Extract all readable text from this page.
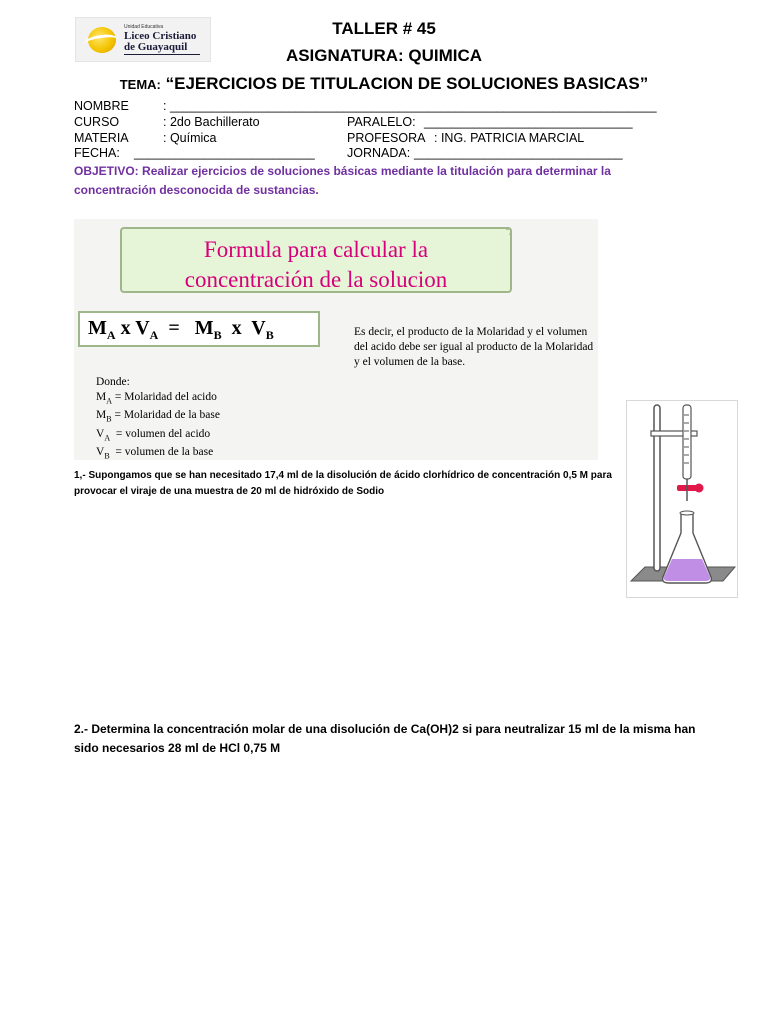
Unidad Educativa
Liceo Cristiano
de Guayaquil
TALLER # 45
ASIGNATURA: QUIMICA
TEMA: “EJERCICIOS DE TITULACION DE SOLUCIONES BASICAS”
NOMBRE	: ______________________________________________________________________
CURSO	: 2do Bachillerato	PARALELO: ______________________________
MATERIA	: Química	PROFESORA : ING. PATRICIA MARCIAL
FECHA: __________________________	JORNADA: ______________________________
OBJETIVO: Realizar ejercicios de soluciones básicas mediante la titulación para determinar la concentración desconocida de sustancias.
Formula para calcular la
concentración de la solucion
$M_A$ x $V_A = M_B$  x  $V_B$	Es decir, el producto de la Molaridad y el volumen del acido debe ser igual al producto de la Molaridad y el volumen de la base.
Donde:
$M_A$ = Molaridad del acido
$M_B$ = Molaridad de la base
$V_A$ = volumen del acido
$V_B$ = volumen de la base
1,- Supongamos que se han necesitado 17,4 ml de la disolución de ácido clorhídrico de concentración 0,5 M para provocar el viraje de una muestra de 20 ml de hidróxido de Sodio
2.- Determina la concentración molar de una disolución de Ca(OH)2 si para neutralizar 15 ml de la misma han sido necesarios 28 ml de HCl 0,75 M
